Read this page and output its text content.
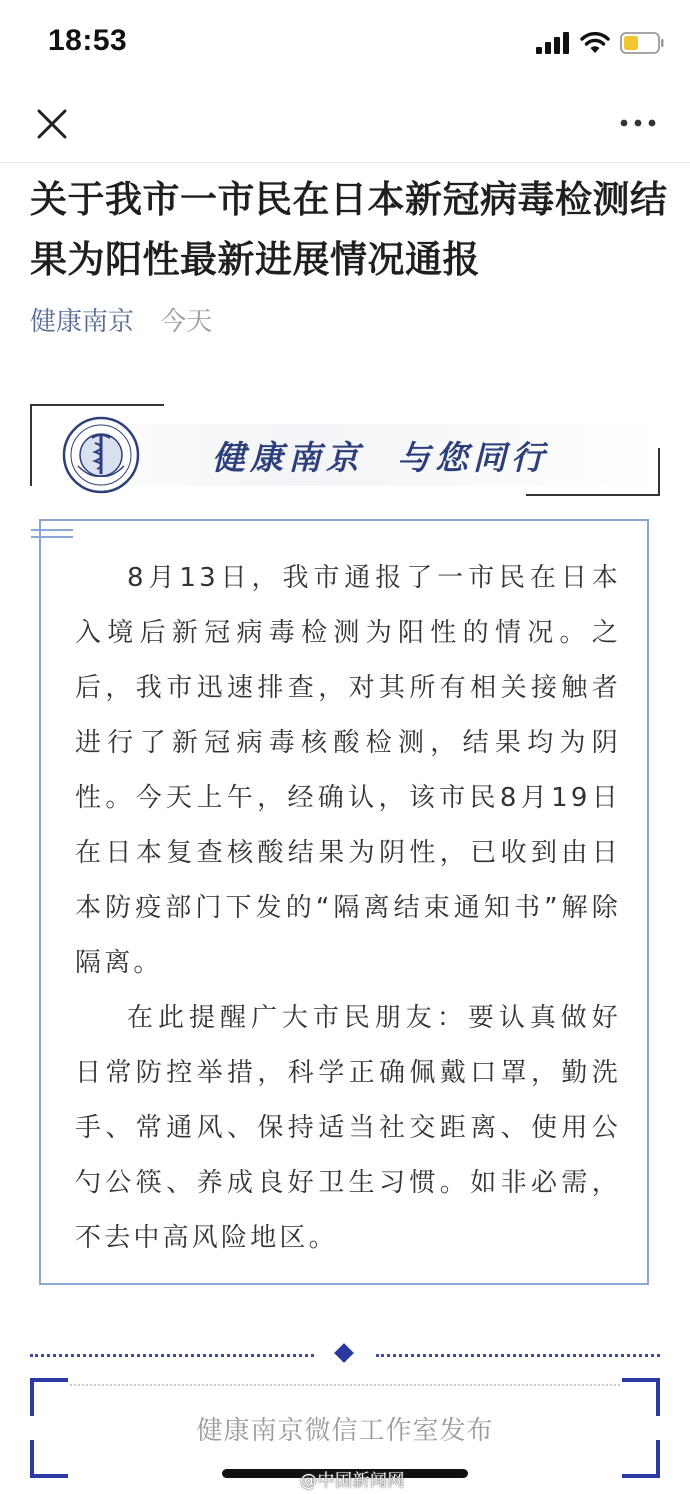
18:53
关于我市一市民在日本新冠病毒检测结果为阳性最新进展情况通报
健康南京 今天
健康南京  与您同行

8月13日，我市通报了一市民在日本入境后新冠病毒检测为阳性的情况。之后，我市迅速排查，对其所有相关接触者进行了新冠病毒核酸检测，结果均为阴性。今天上午，经确认，该市民8月19日在日本复查核酸结果为阴性，已收到由日本防疫部门下发的“隔离结束通知书”解除隔离。

在此提醒广大市民朋友：要认真做好日常防控举措，科学正确佩戴口罩，勤洗手、常通风、保持适当社交距离、使用公勺公筷、养成良好卫生习惯。如非必需，不去中高风险地区。

健康南京微信工作室发布
@中国新闻网
